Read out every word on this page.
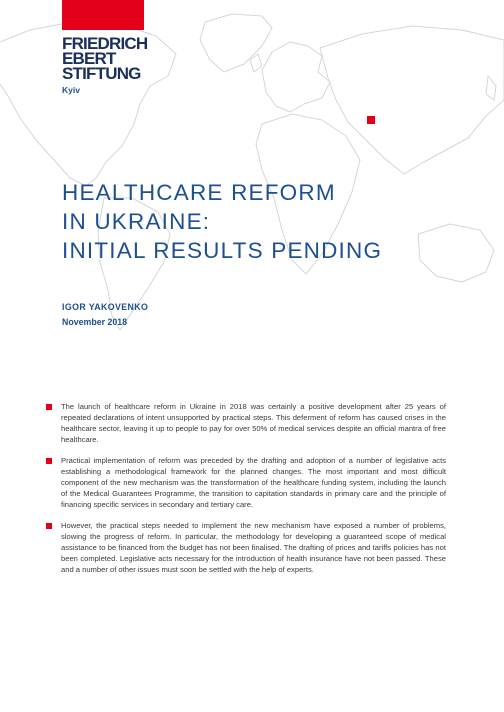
FRIEDRICH
EBERT
STIFTUNG
Kyiv
HEALTHCARE REFORM
IN UKRAINE:
INITIAL RESULTS PENDING
IGOR YAKOVENKO
November 2018
The launch of healthcare reform in Ukraine in 2018 was certainly a positive development after 25 years of repeated declarations of intent unsupported by practical steps. This deferment of reform has caused crises in the healthcare sector, leaving it up to people to pay for over 50% of medical services despite an official mantra of free healthcare.
Practical implementation of reform was preceded by the drafting and adoption of a number of legislative acts establishing a methodological framework for the planned changes. The most important and most difficult component of the new mechanism was the transformation of the healthcare funding system, including the launch of the Medical Guarantees Programme, the transition to capitation standards in primary care and the principle of financing specific services in secondary and tertiary care.
However, the practical steps needed to implement the new mechanism have exposed a number of problems, slowing the progress of reform. In particular, the methodology for developing a guaranteed scope of medical assistance to be financed from the budget has not been finalised. The drafting of prices and tariffs policies has not been completed. Legislative acts necessary for the introduction of health insurance have not been passed. These and a number of other issues must soon be settled with the help of experts.
